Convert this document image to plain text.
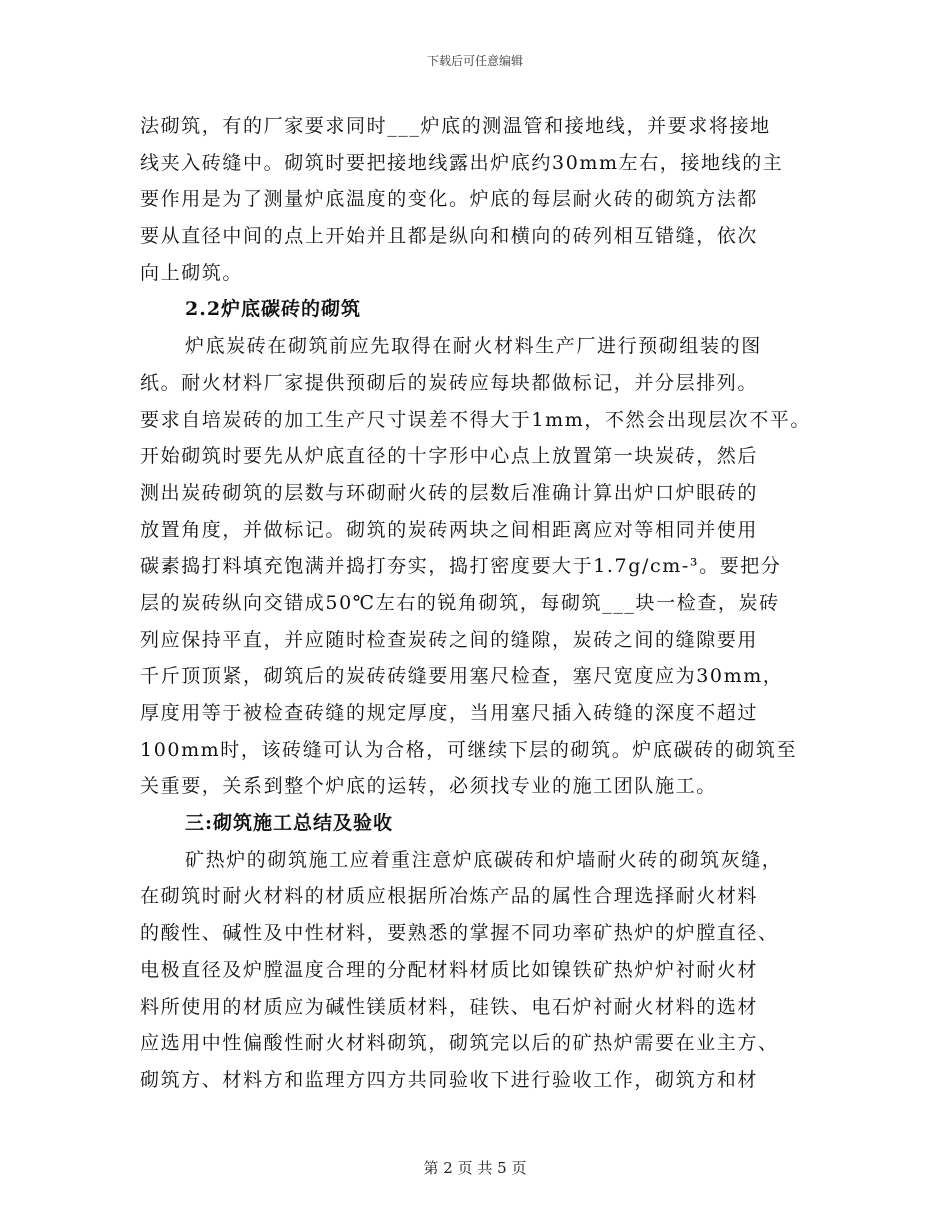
下载后可任意编辑
法砌筑，有的厂家要求同时___炉底的测温管和接地线，并要求将接地
线夹入砖缝中。砌筑时要把接地线露出炉底约30mm左右，接地线的主
要作用是为了测量炉底温度的变化。炉底的每层耐火砖的砌筑方法都
要从直径中间的点上开始并且都是纵向和横向的砖列相互错缝，依次
向上砌筑。
2.2炉底碳砖的砌筑
炉底炭砖在砌筑前应先取得在耐火材料生产厂进行预砌组装的图
纸。耐火材料厂家提供预砌后的炭砖应每块都做标记，并分层排列。
要求自培炭砖的加工生产尺寸误差不得大于1mm，不然会出现层次不平。
开始砌筑时要先从炉底直径的十字形中心点上放置第一块炭砖，然后
测出炭砖砌筑的层数与环砌耐火砖的层数后准确计算出炉口炉眼砖的
放置角度，并做标记。砌筑的炭砖两块之间相距离应对等相同并使用
碳素捣打料填充饱满并捣打夯实，捣打密度要大于1.7g/cm-³。要把分
层的炭砖纵向交错成50℃左右的锐角砌筑，每砌筑___块一检查，炭砖
列应保持平直，并应随时检查炭砖之间的缝隙，炭砖之间的缝隙要用
千斤顶顶紧，砌筑后的炭砖砖缝要用塞尺检查，塞尺宽度应为30mm，
厚度用等于被检查砖缝的规定厚度，当用塞尺插入砖缝的深度不超过
100mm时，该砖缝可认为合格，可继续下层的砌筑。炉底碳砖的砌筑至
关重要，关系到整个炉底的运转，必须找专业的施工团队施工。
三:砌筑施工总结及验收
矿热炉的砌筑施工应着重注意炉底碳砖和炉墙耐火砖的砌筑灰缝，
在砌筑时耐火材料的材质应根据所冶炼产品的属性合理选择耐火材料
的酸性、碱性及中性材料，要熟悉的掌握不同功率矿热炉的炉膛直径、
电极直径及炉膛温度合理的分配材料材质比如镍铁矿热炉炉衬耐火材
料所使用的材质应为碱性镁质材料，硅铁、电石炉衬耐火材料的选材
应选用中性偏酸性耐火材料砌筑，砌筑完以后的矿热炉需要在业主方、
砌筑方、材料方和监理方四方共同验收下进行验收工作，砌筑方和材
第 2 页 共 5 页
